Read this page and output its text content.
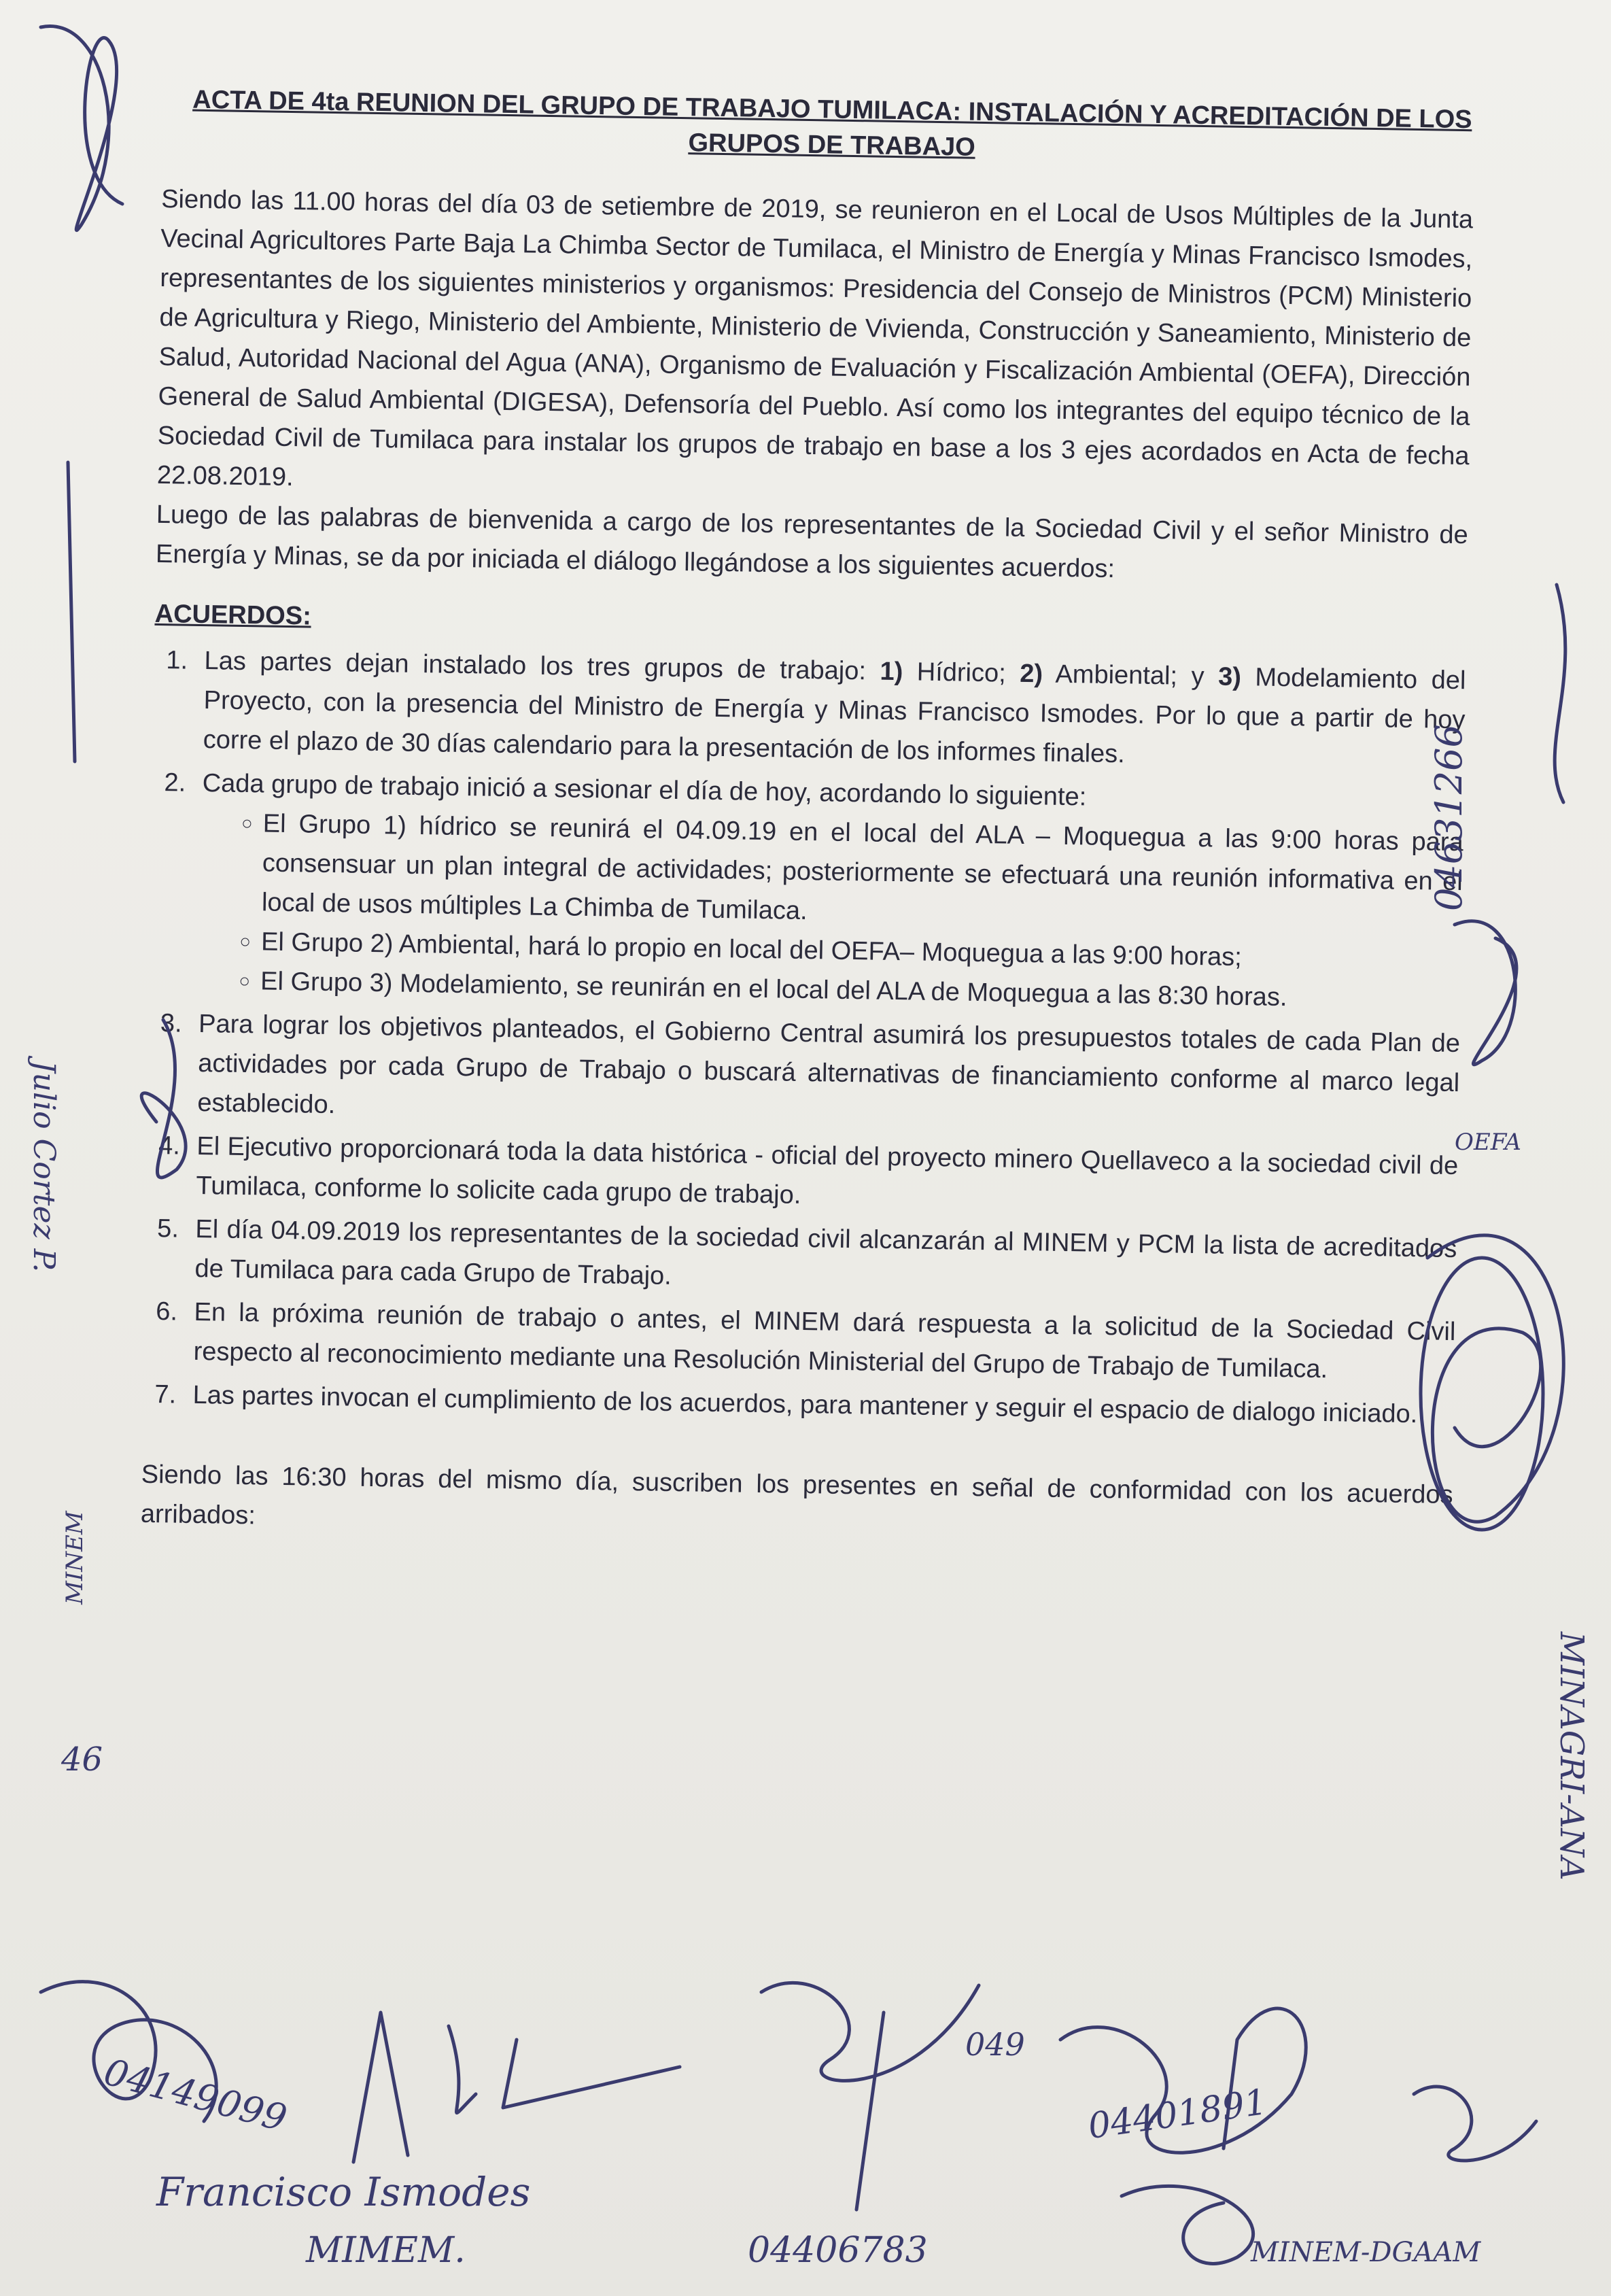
ACTA DE 4ta REUNION DEL GRUPO DE TRABAJO TUMILACA: INSTALACIÓN Y ACREDITACIÓN DE LOS GRUPOS DE TRABAJO

Siendo las 11.00 horas del día 03 de setiembre de 2019, se reunieron en el Local de Usos Múltiples de la Junta Vecinal Agricultores Parte Baja La Chimba Sector de Tumilaca, el Ministro de Energía y Minas Francisco Ismodes, representantes de los siguientes ministerios y organismos: Presidencia del Consejo de Ministros (PCM) Ministerio de Agricultura y Riego, Ministerio del Ambiente, Ministerio de Vivienda, Construcción y Saneamiento, Ministerio de Salud, Autoridad Nacional del Agua (ANA), Organismo de Evaluación y Fiscalización Ambiental (OEFA), Dirección General de Salud Ambiental (DIGESA), Defensoría del Pueblo. Así como los integrantes del equipo técnico de la Sociedad Civil de Tumilaca para instalar los grupos de trabajo en base a los 3 ejes acordados en Acta de fecha 22.08.2019.

Luego de las palabras de bienvenida a cargo de los representantes de la Sociedad Civil y el señor Ministro de Energía y Minas, se da por iniciada el diálogo llegándose a los siguientes acuerdos:

ACUERDOS:
1. Las partes dejan instalado los tres grupos de trabajo: 1) Hídrico; 2) Ambiental; y 3) Modelamiento del Proyecto, con la presencia del Ministro de Energía y Minas Francisco Ismodes. Por lo que a partir de hoy corre el plazo de 30 días calendario para la presentación de los informes finales.
2. Cada grupo de trabajo inició a sesionar el día de hoy, acordando lo siguiente:
◦ El Grupo 1) hídrico se reunirá el 04.09.19 en el local del ALA – Moquegua a las 9:00 horas para consensuar un plan integral de actividades; posteriormente se efectuará una reunión informativa en el local de usos múltiples La Chimba de Tumilaca.
◦ El Grupo 2) Ambiental, hará lo propio en local del OEFA– Moquegua a las 9:00 horas;
◦ El Grupo 3) Modelamiento, se reunirán en el local del ALA de Moquegua a las 8:30 horas.
3. Para lograr los objetivos planteados, el Gobierno Central asumirá los presupuestos totales de cada Plan de actividades por cada Grupo de Trabajo o buscará alternativas de financiamiento conforme al marco legal establecido.
4. El Ejecutivo proporcionará toda la data histórica - oficial del proyecto minero Quellaveco a la sociedad civil de Tumilaca, conforme lo solicite cada grupo de trabajo.
5. El día 04.09.2019 los representantes de la sociedad civil alcanzarán al MINEM y PCM la lista de acreditados de Tumilaca para cada Grupo de Trabajo.
6. En la próxima reunión de trabajo o antes, el MINEM dará respuesta a la solicitud de la Sociedad Civil respecto al reconocimiento mediante una Resolución Ministerial del Grupo de Trabajo de Tumilaca.
7. Las partes invocan el cumplimiento de los acuerdos, para mantener y seguir el espacio de dialogo iniciado.

Siendo las 16:30 horas del mismo día, suscriben los presentes en señal de conformidad con los acuerdos arribados:

Francisco Ismodes
MIMEM.
04149099
04406783
04401891
049
MINEM-DGAAM
OEFA
04631266
MINAGRI-ANA
Julio Cortez P.
MINEM
46
